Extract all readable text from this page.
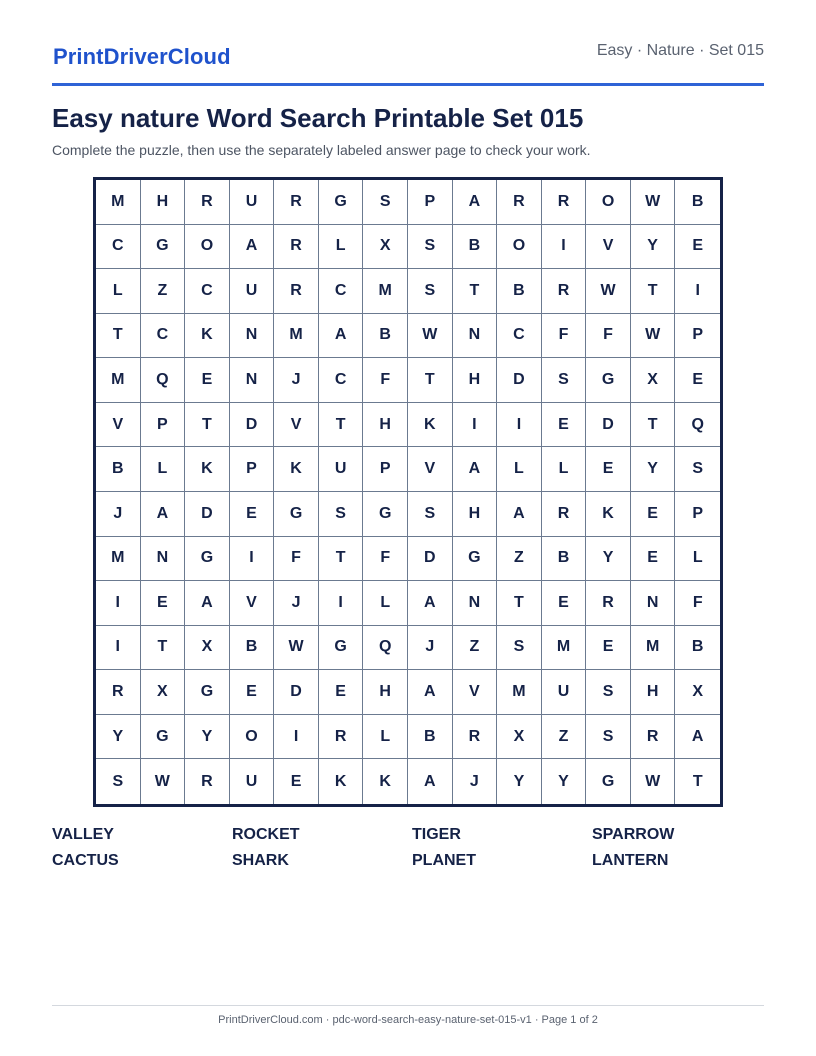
PrintDriverCloud	Easy · Nature · Set 015
Easy nature Word Search Printable Set 015
Complete the puzzle, then use the separately labeled answer page to check your work.
M	H	R	U	R	G	S	P	A	R	R	O	W	B
C	G	O	A	R	L	X	S	B	O	I	V	Y	E
L	Z	C	U	R	C	M	S	T	B	R	W	T	I
T	C	K	N	M	A	B	W	N	C	F	F	W	P
M	Q	E	N	J	C	F	T	H	D	S	G	X	E
V	P	T	D	V	T	H	K	I	I	E	D	T	Q
B	L	K	P	K	U	P	V	A	L	L	E	Y	S
J	A	D	E	G	S	G	S	H	A	R	K	E	P
M	N	G	I	F	T	F	D	G	Z	B	Y	E	L
I	E	A	V	J	I	L	A	N	T	E	R	N	F
I	T	X	B	W	G	Q	J	Z	S	M	E	M	B
R	X	G	E	D	E	H	A	V	M	U	S	H	X
Y	G	Y	O	I	R	L	B	R	X	Z	S	R	A
S	W	R	U	E	K	K	A	J	Y	Y	G	W	T
VALLEY	ROCKET	TIGER	SPARROW
CACTUS	SHARK	PLANET	LANTERN
PrintDriverCloud.com · pdc-word-search-easy-nature-set-015-v1 · Page 1 of 2
